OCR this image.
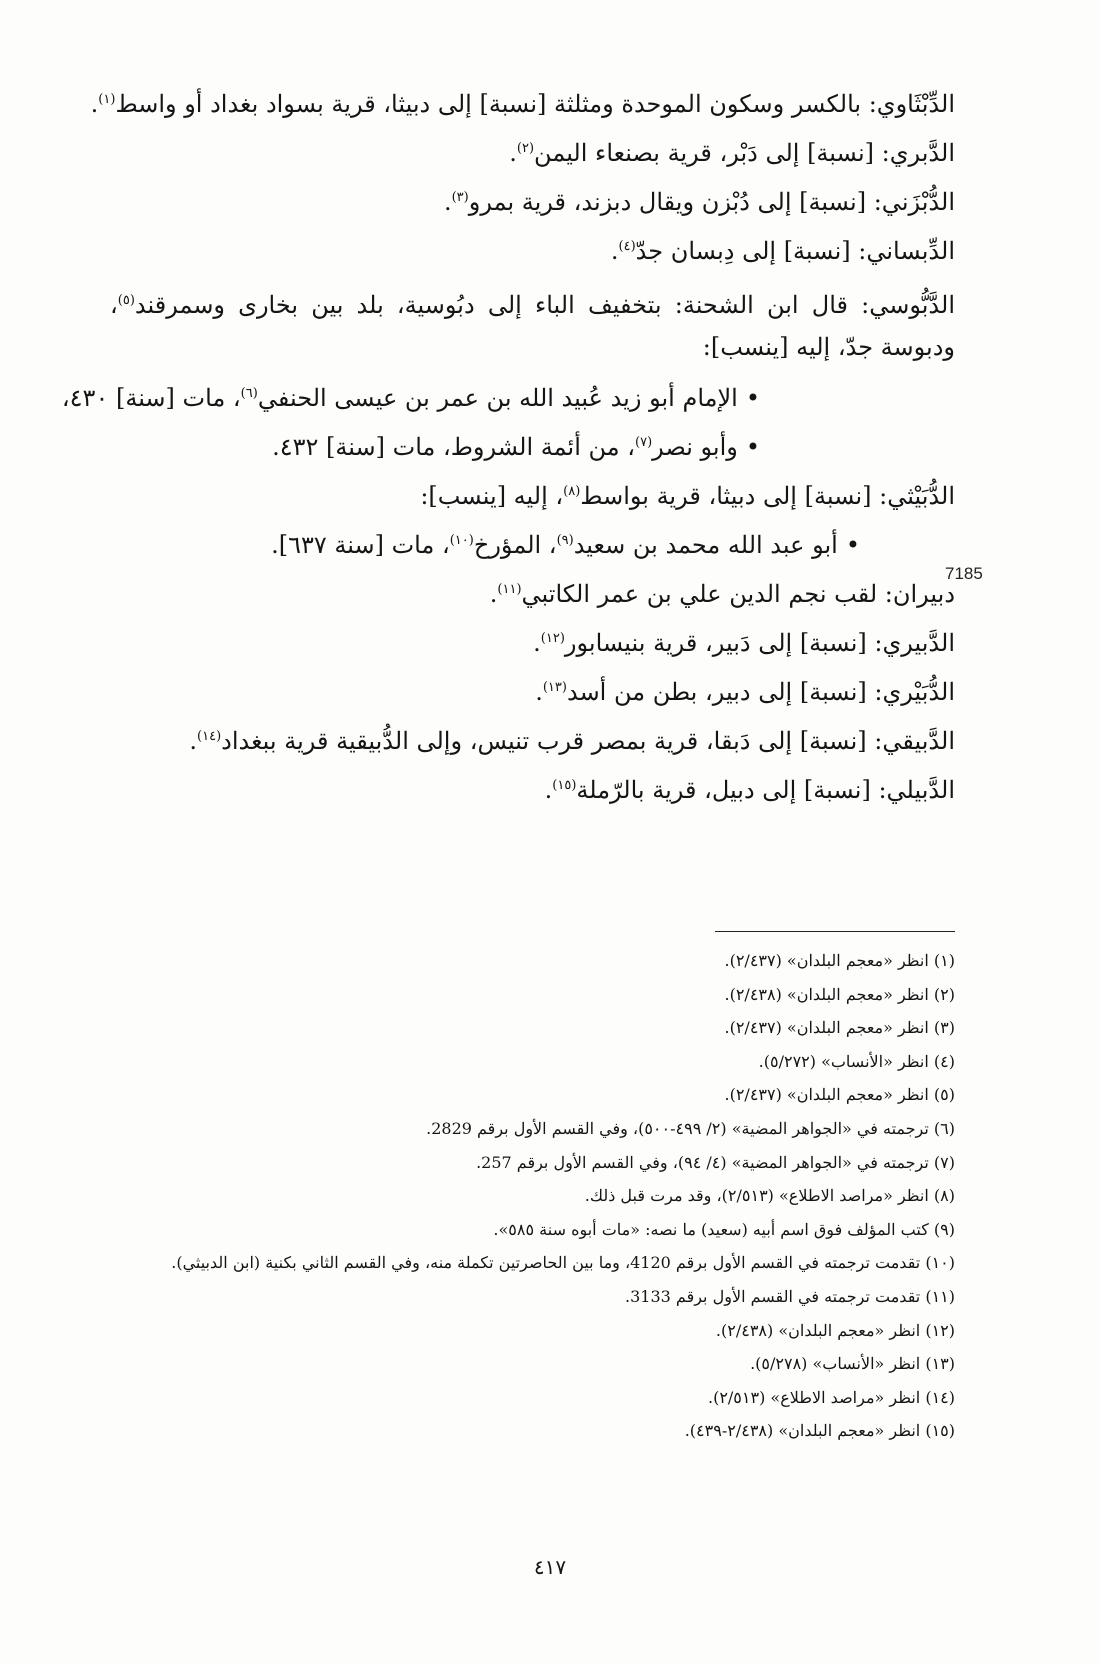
الدِّبْثَاوي: بالكسر وسكون الموحدة ومثلثة [نسبة] إلى دبيثا، قرية بسواد بغداد أو واسط$^{(١)}$.
الدَّبري: [نسبة] إلى دَبْر، قرية بصنعاء اليمن$^{(٢)}$.
الدُّبْزَني: [نسبة] إلى دُبْزن ويقال دبزند، قرية بمرو$^{(٣)}$.
الدِّبساني: [نسبة] إلى دِبسان جدّ$^{(٤)}$.
الدَّبُّوسي: قال ابن الشحنة: بتخفيف الباء إلى دبُوسية، بلد بين بخارى وسمرقند$^{(٥)}$، ودبوسة جدّ، إليه [ينسب]:
•الإمام أبو زيد عُبيد الله بن عمر بن عيسى الحنفي$^{(٦)}$، مات [سنة] ٤٣٠،
•وأبو نصر$^{(٧)}$، من أئمة الشروط، مات [سنة] ٤٣٢.
الدُّبَيْثي: [نسبة] إلى دبيثا، قرية بواسط$^{(٨)}$، إليه [ينسب]:
•أبو عبد الله محمد بن سعيد$^{(٩)}$، المؤرخ$^{(١٠)}$، مات [سنة ٦٣٧].
دبيران: لقب نجم الدين علي بن عمر الكاتبي$^{(١١)}$.
الدَّبيري: [نسبة] إلى دَبير، قرية بنيسابور$^{(١٢)}$.
الدُّبَيْري: [نسبة] إلى دبير، بطن من أسد$^{(١٣)}$.
الدَّبيقي: [نسبة] إلى دَبقا، قرية بمصر قرب تنيس، وإلى الدُّبيقية قرية ببغداد$^{(١٤)}$.
الدَّبيلي: [نسبة] إلى دبيل، قرية بالرّملة$^{(١٥)}$.
7185
(١) انظر «معجم البلدان» (٢/٤٣٧).
(٢) انظر «معجم البلدان» (٢/٤٣٨).
(٣) انظر «معجم البلدان» (٢/٤٣٧).
(٤) انظر «الأنساب» (٥/٢٧٢).
(٥) انظر «معجم البلدان» (٢/٤٣٧).
(٦) ترجمته في «الجواهر المضية» (٢/ ٤٩٩-٥٠٠)، وفي القسم الأول برقم 2829.
(٧) ترجمته في «الجواهر المضية» (٤/ ٩٤)، وفي القسم الأول برقم 257.
(٨) انظر «مراصد الاطلاع» (٢/٥١٣)، وقد مرت قبل ذلك.
(٩) كتب المؤلف فوق اسم أبيه (سعيد) ما نصه: «مات أبوه سنة ٥٨٥».
(١٠) تقدمت ترجمته في القسم الأول برقم 4120، وما بين الحاصرتين تكملة منه، وفي القسم الثاني بكنية (ابن الدبيثي).
(١١) تقدمت ترجمته في القسم الأول برقم 3133.
(١٢) انظر «معجم البلدان» (٢/٤٣٨).
(١٣) انظر «الأنساب» (٥/٢٧٨).
(١٤) انظر «مراصد الاطلاع» (٢/٥١٣).
(١٥) انظر «معجم البلدان» (٢/٤٣٨-٤٣٩).
٤١٧
